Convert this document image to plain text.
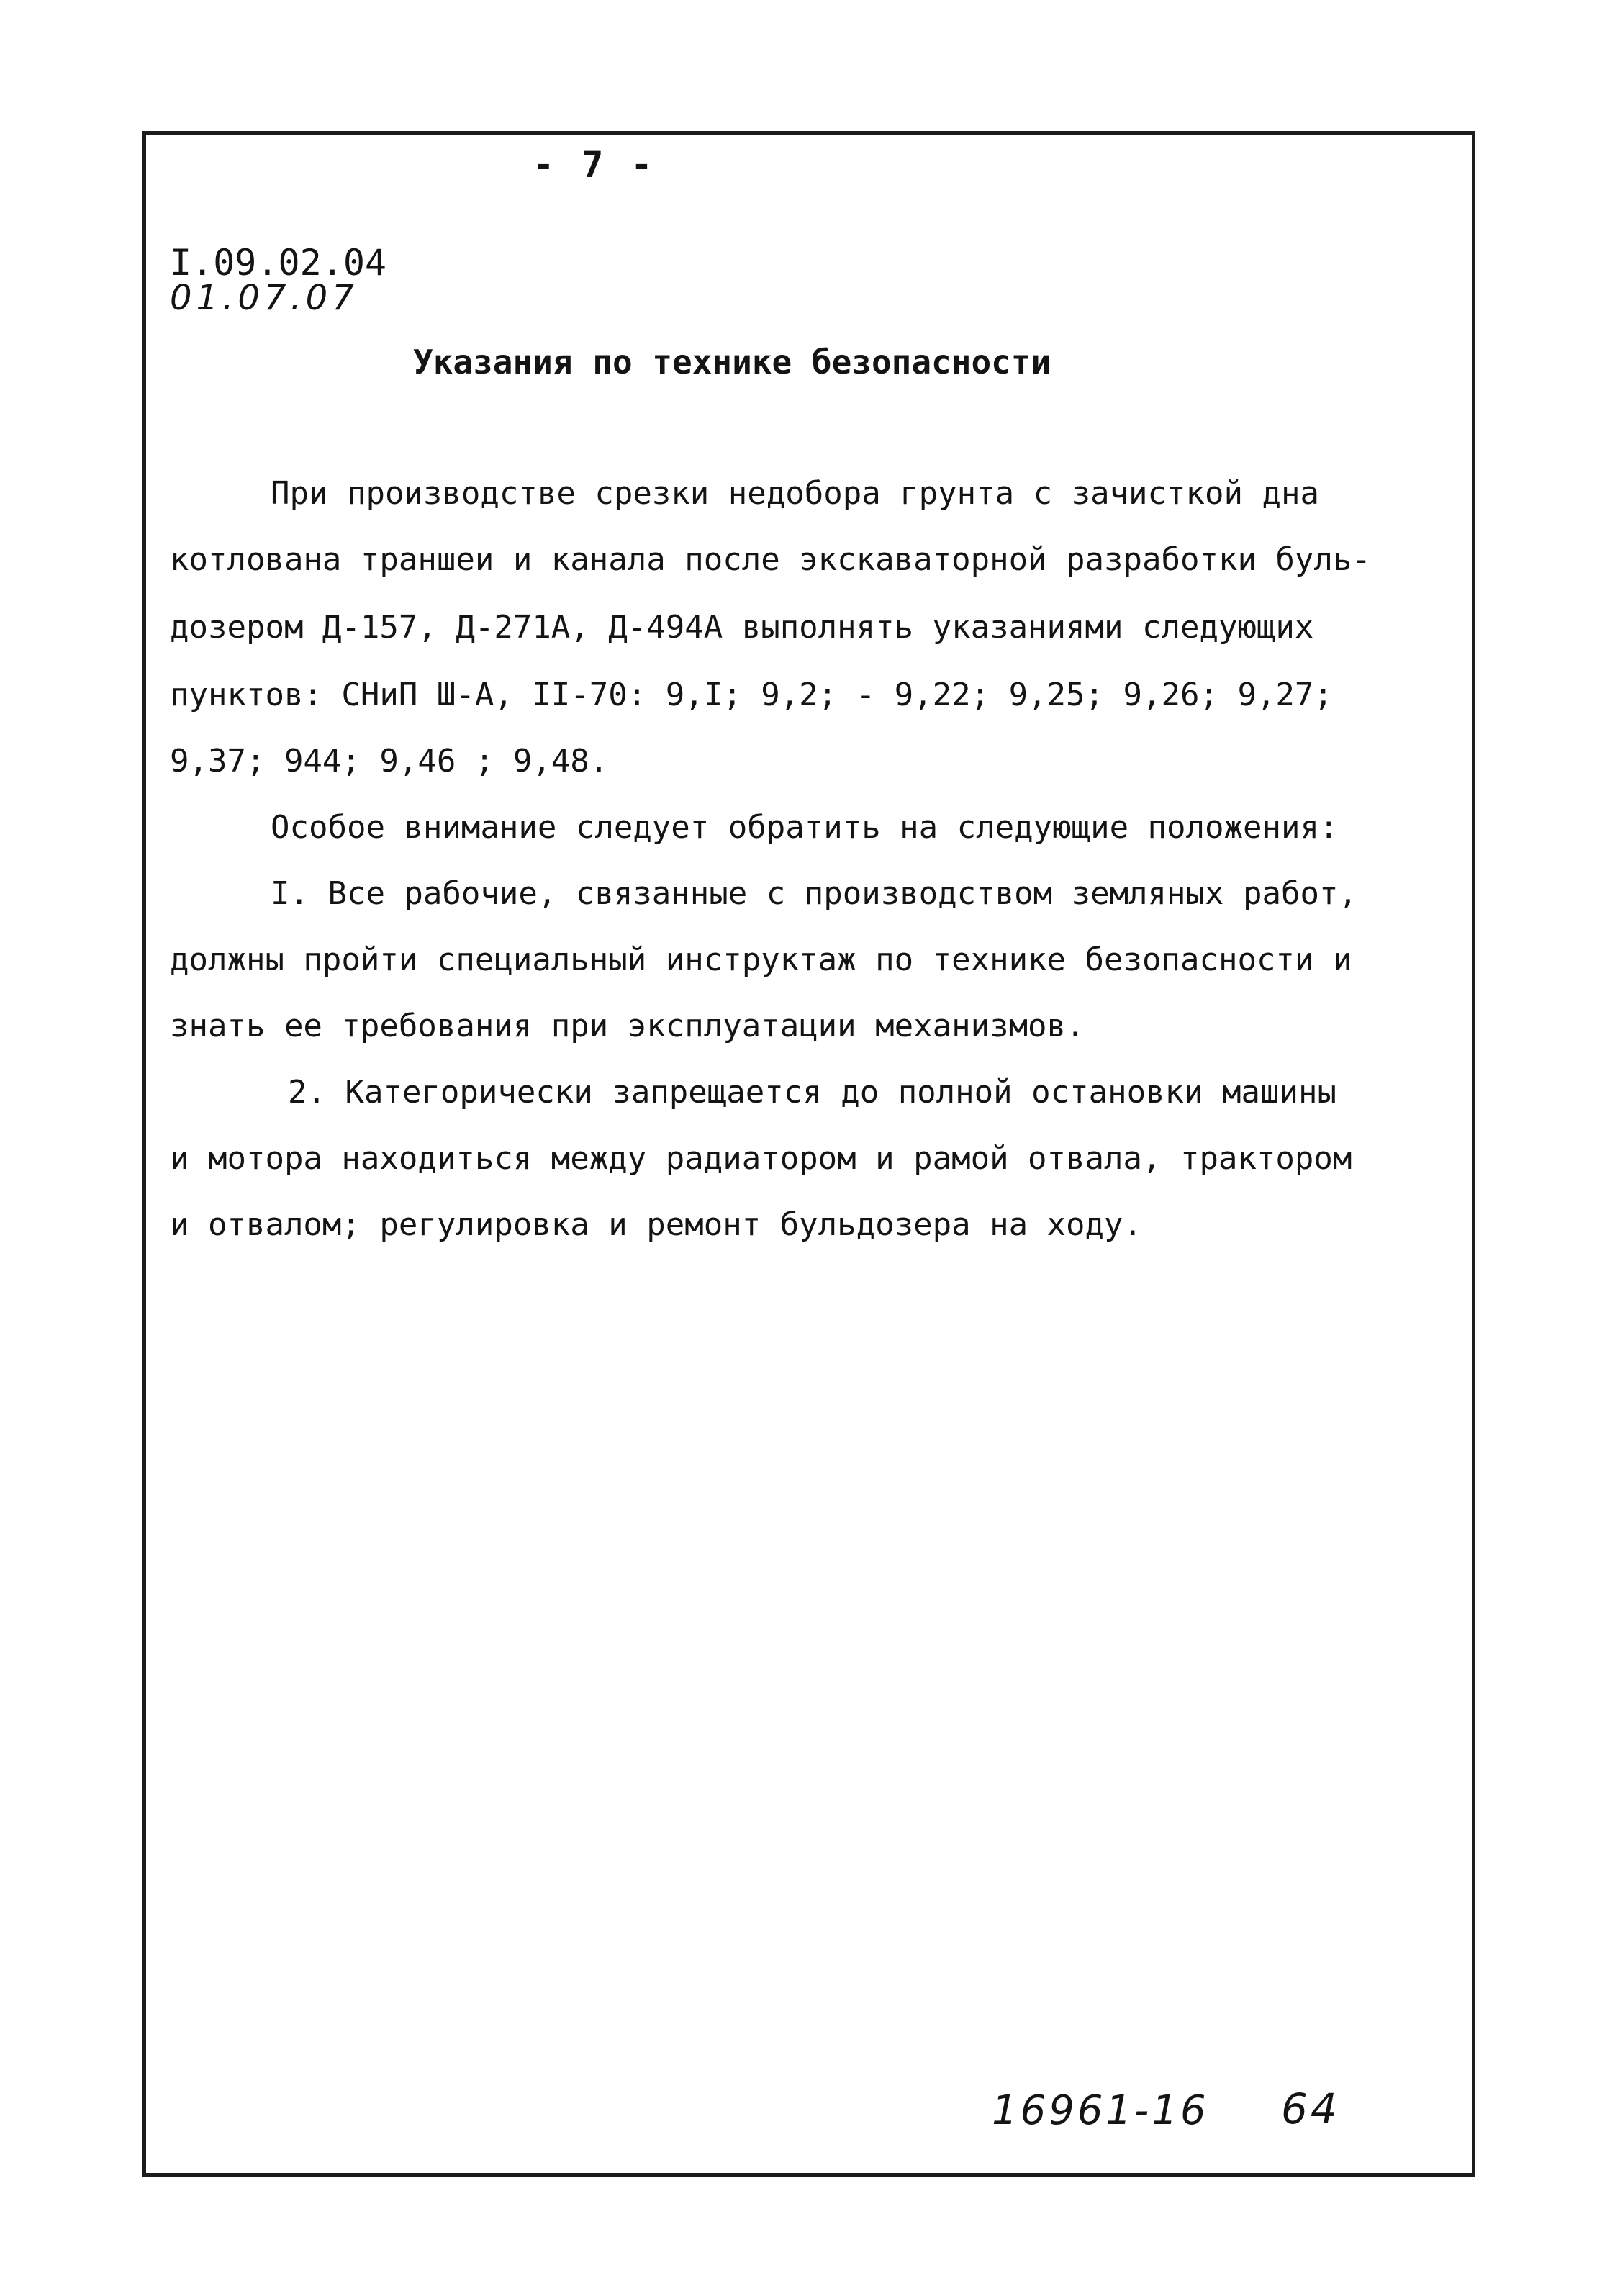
- 7 -
I.09.02.04
01.07.07
Указания по технике безопасности
При производстве срезки недобора грунта с зачисткой дна
котлована траншеи и канала после экскаваторной разработки буль-
дозером Д-157, Д-271А, Д-494А выполнять указаниями следующих
пунктов: СНиП Ш-А, II-70: 9,I; 9,2; - 9,22; 9,25; 9,26; 9,27;
9,37; 944; 9,46 ; 9,48.
Особое внимание следует обратить на следующие положения:
I. Все рабочие, связанные с производством земляных работ,
должны пройти специальный инструктаж по технике безопасности и
знать ее требования при эксплуатации механизмов.
2. Категорически запрещается до полной остановки машины
и мотора находиться между радиатором и рамой отвала, трактором
и отвалом; регулировка и ремонт бульдозера на ходу.
16961-16 64
